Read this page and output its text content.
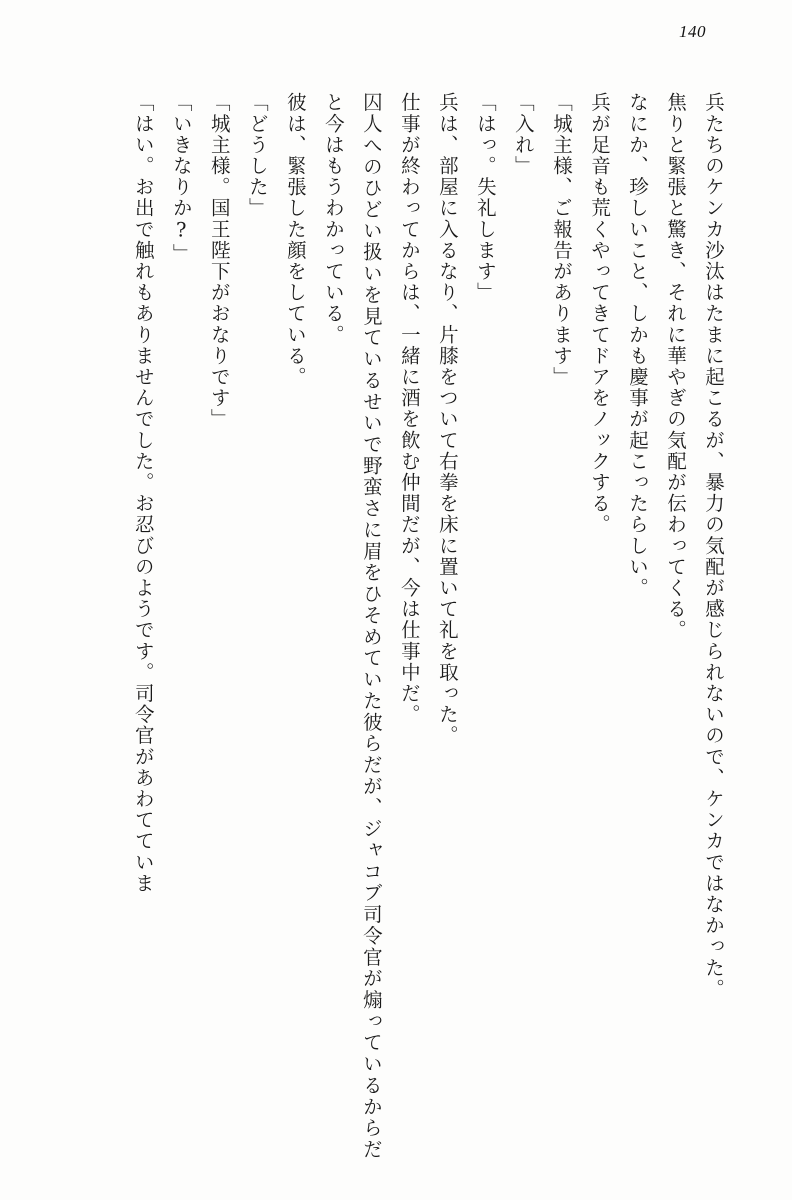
140

兵たちのケンカ沙汰はたまに起こるが、暴力の気配が感じられないので、ケンカではなかった。

焦りと緊張と驚き、それに華やぎの気配が伝わってくる。

なにか、珍しいこと、しかも慶事が起こったらしい。

兵が足音も荒くやってきてドアをノックする。

「城主様、ご報告があります」

「入れ」

「はっ。失礼します」

兵は、部屋に入るなり、片膝をついて右拳を床に置いて礼を取った。

仕事が終わってからは、一緒に酒を飲む仲間だが、今は仕事中だ。

囚人へのひどい扱いを見ているせいで野蛮さに眉をひそめていた彼らだが、ジャコブ司令官が煽っているからだと今はもうわかっている。

彼は、緊張した顔をしている。

「どうした」

「城主様。国王陛下がおなりです」

「いきなりか?」

「はい。お出で触れもありませんでした。お忍びのようです。司令官があわてていま
